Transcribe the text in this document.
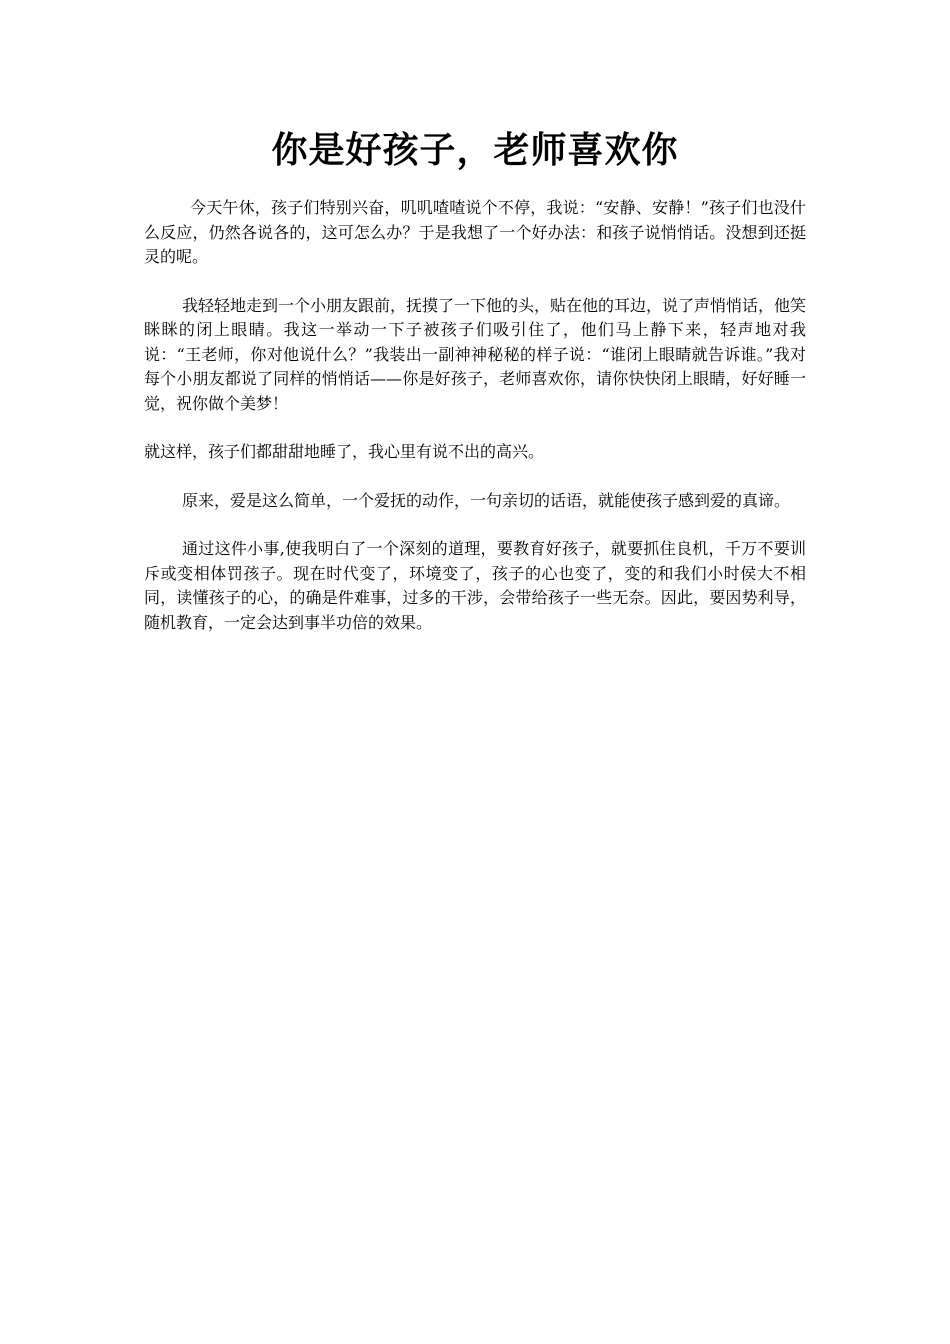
你是好孩子，老师喜欢你

今天午休，孩子们特别兴奋，叽叽喳喳说个不停，我说：“安静、安静！”孩子们也没什么反应，仍然各说各的，这可怎么办？于是我想了一个好办法：和孩子说悄悄话。没想到还挺灵的呢。

我轻轻地走到一个小朋友跟前，抚摸了一下他的头，贴在他的耳边，说了声悄悄话，他笑眯眯的闭上眼睛。我这一举动一下子被孩子们吸引住了，他们马上静下来，轻声地对我说：“王老师，你对他说什么？”我装出一副神神秘秘的样子说：“谁闭上眼睛就告诉谁。”我对每个小朋友都说了同样的悄悄话——你是好孩子，老师喜欢你，请你快快闭上眼睛，好好睡一觉，祝你做个美梦！

就这样，孩子们都甜甜地睡了，我心里有说不出的高兴。

原来，爱是这么简单，一个爱抚的动作，一句亲切的话语，就能使孩子感到爱的真谛。

通过这件小事,使我明白了一个深刻的道理，要教育好孩子，就要抓住良机，千万不要训斥或变相体罚孩子。现在时代变了，环境变了，孩子的心也变了，变的和我们小时侯大不相同，读懂孩子的心，的确是件难事，过多的干涉，会带给孩子一些无奈。因此，要因势利导，随机教育，一定会达到事半功倍的效果。
